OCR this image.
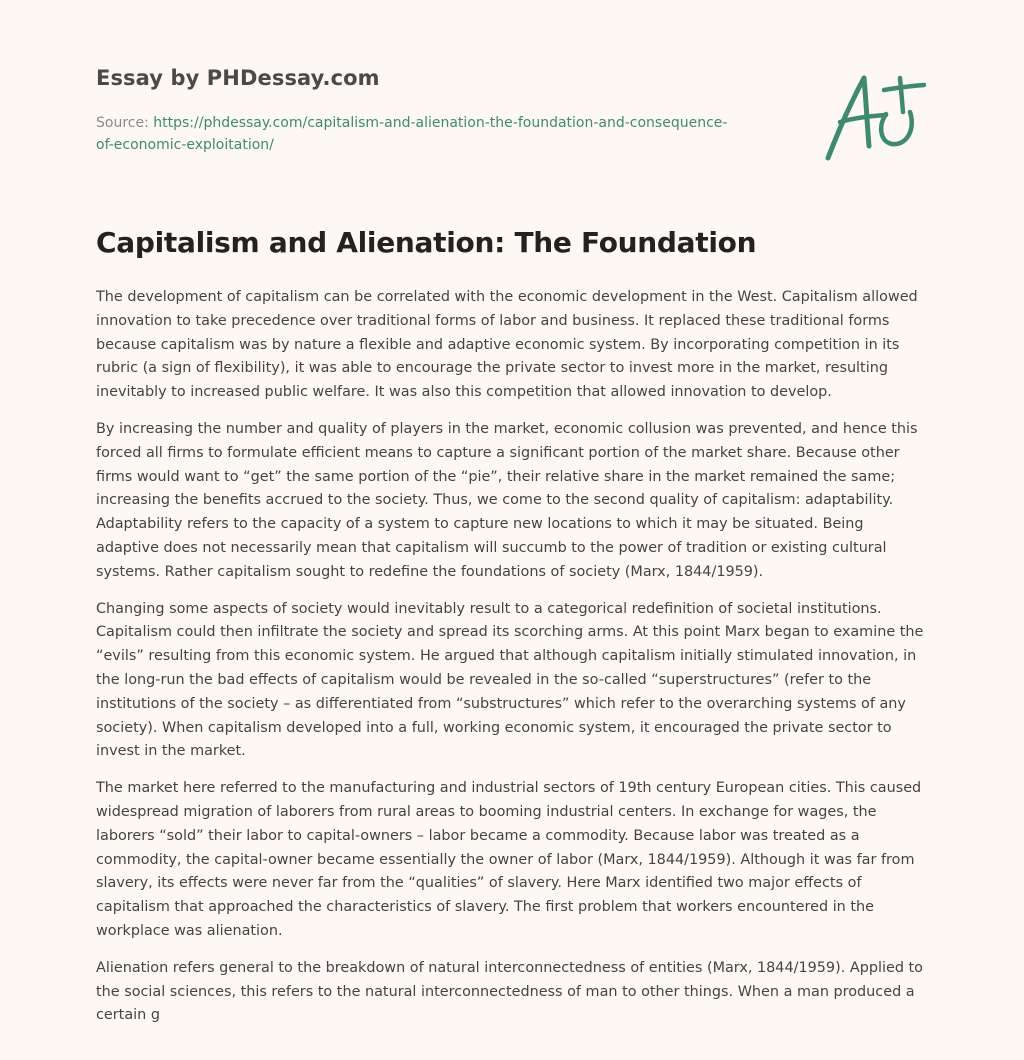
Essay by PHDessay.com
Source: https://phdessay.com/capitalism-and-alienation-the-foundation-and-consequence-of-economic-exploitation/
Capitalism and Alienation: The Foundation

The development of capitalism can be correlated with the economic development in the West. Capitalism allowed innovation to take precedence over traditional forms of labor and business. It replaced these traditional forms because capitalism was by nature a flexible and adaptive economic system. By incorporating competition in its rubric (a sign of flexibility), it was able to encourage the private sector to invest more in the market, resulting inevitably to increased public welfare. It was also this competition that allowed innovation to develop.

By increasing the number and quality of players in the market, economic collusion was prevented, and hence this forced all firms to formulate efficient means to capture a significant portion of the market share. Because other firms would want to “get” the same portion of the “pie”, their relative share in the market remained the same; increasing the benefits accrued to the society. Thus, we come to the second quality of capitalism: adaptability. Adaptability refers to the capacity of a system to capture new locations to which it may be situated. Being adaptive does not necessarily mean that capitalism will succumb to the power of tradition or existing cultural systems. Rather capitalism sought to redefine the foundations of society (Marx, 1844/1959).

Changing some aspects of society would inevitably result to a categorical redefinition of societal institutions. Capitalism could then infiltrate the society and spread its scorching arms. At this point Marx began to examine the “evils” resulting from this economic system. He argued that although capitalism initially stimulated innovation, in the long-run the bad effects of capitalism would be revealed in the so-called “superstructures” (refer to the institutions of the society – as differentiated from “substructures” which refer to the overarching systems of any society). When capitalism developed into a full, working economic system, it encouraged the private sector to invest in the market.

The market here referred to the manufacturing and industrial sectors of 19th century European cities. This caused widespread migration of laborers from rural areas to booming industrial centers. In exchange for wages, the laborers “sold” their labor to capital-owners – labor became a commodity. Because labor was treated as a commodity, the capital-owner became essentially the owner of labor (Marx, 1844/1959). Although it was far from slavery, its effects were never far from the “qualities” of slavery. Here Marx identified two major effects of capitalism that approached the characteristics of slavery. The first problem that workers encountered in the workplace was alienation.

Alienation refers general to the breakdown of natural interconnectedness of entities (Marx, 1844/1959). Applied to the social sciences, this refers to the natural interconnectedness of man to other things. When a man produced a certain g
